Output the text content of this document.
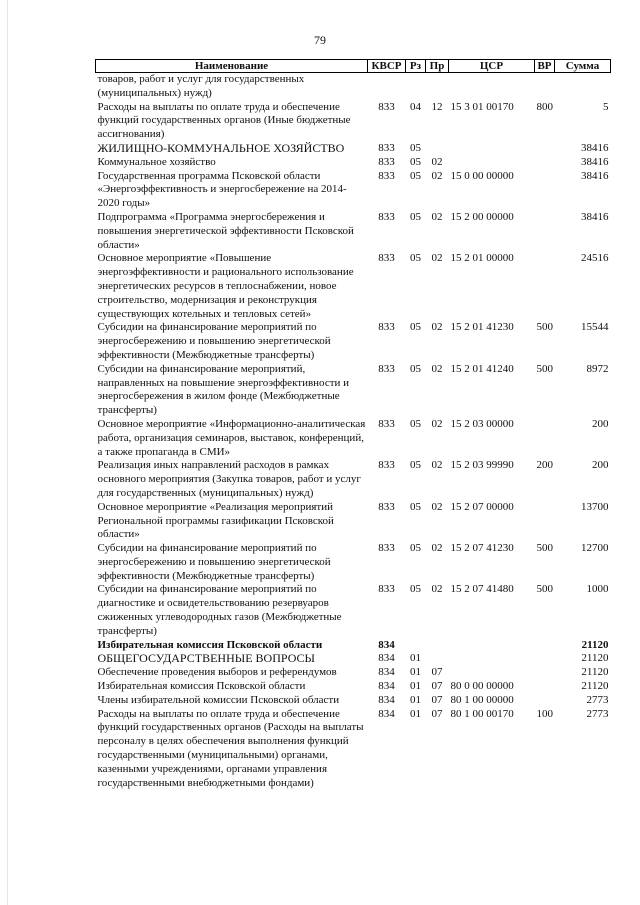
79
Наименование	КВСР	Рз	Пр	ЦСР	ВР	Сумма
товаров, работ и услуг для государственных (муниципальных) нужд)						
Расходы на выплаты по оплате труда и обеспечение функций государственных органов (Иные бюджетные ассигнования)	833	04	12	15 3 01 00170	800	5
ЖИЛИЩНО-КОММУНАЛЬНОЕ ХОЗЯЙСТВО	833	05				38416
Коммунальное хозяйство	833	05	02			38416
Государственная программа Псковской области «Энергоэффективность и энергосбережение на 2014-2020 годы»	833	05	02	15 0 00 00000		38416
Подпрограмма «Программа энергосбережения и повышения энергетической эффективности Псковской области»	833	05	02	15 2 00 00000		38416
Основное мероприятие «Повышение энергоэффективности и рационального использование энергетических ресурсов в теплоснабжении, новое строительство, модернизация и реконструкция существующих котельных и тепловых сетей»	833	05	02	15 2 01 00000		24516
Субсидии на финансирование мероприятий по энергосбережению и повышению энергетической эффективности (Межбюджетные трансферты)	833	05	02	15 2 01 41230	500	15544
Субсидии на финансирование мероприятий, направленных на повышение энергоэффективности и энергосбережения в жилом фонде (Межбюджетные трансферты)	833	05	02	15 2 01 41240	500	8972
Основное мероприятие «Информационно-аналитическая работа, организация семинаров, выставок, конференций, а также пропаганда в СМИ»	833	05	02	15 2 03 00000		200
Реализация иных направлений расходов в рамках основного мероприятия (Закупка товаров, работ и услуг для государственных (муниципальных) нужд)	833	05	02	15 2 03 99990	200	200
Основное мероприятие «Реализация мероприятий Региональной программы газификации Псковской области»	833	05	02	15 2 07 00000		13700
Субсидии на финансирование мероприятий по энергосбережению и повышению энергетической эффективности (Межбюджетные трансферты)	833	05	02	15 2 07 41230	500	12700
Субсидии на финансирование мероприятий по диагностике и освидетельствованию резервуаров сжиженных углеводородных газов (Межбюджетные трансферты)	833	05	02	15 2 07 41480	500	1000
Избирательная комиссия Псковской области	834					21120
ОБЩЕГОСУДАРСТВЕННЫЕ ВОПРОСЫ	834	01				21120
Обеспечение проведения выборов и референдумов	834	01	07			21120
Избирательная комиссия Псковской области	834	01	07	80 0 00 00000		21120
Члены избирательной комиссии Псковской области	834	01	07	80 1 00 00000		2773
Расходы на выплаты по оплате труда и обеспечение функций государственных органов (Расходы на выплаты персоналу в целях обеспечения выполнения функций государственными (муниципальными) органами, казенными учреждениями, органами управления государственными внебюджетными фондами)	834	01	07	80 1 00 00170	100	2773
